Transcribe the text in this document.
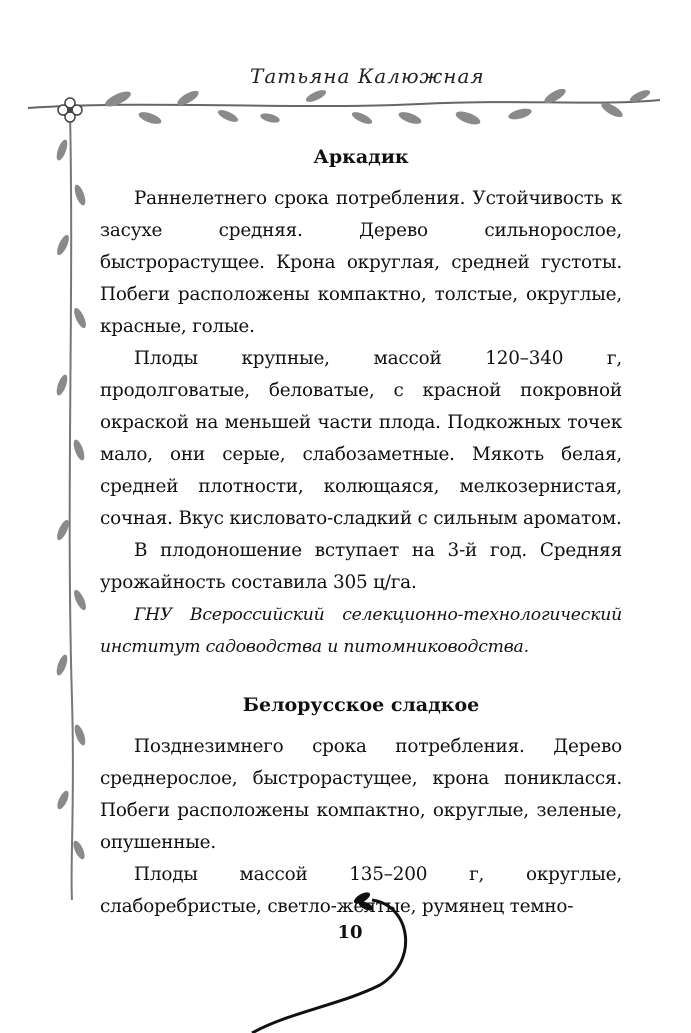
Татьяна Калюжная
Аркадик

Раннелетнего срока потребления. Устойчивость к засухе средняя. Дерево сильнорослое, быстрорастущее. Крона округлая, средней густоты. Побеги расположены компактно, толстые, округлые, красные, голые.

Плоды крупные, массой 120–340 г, продолговатые, беловатые, с красной покровной окраской на меньшей части плода. Подкожных точек мало, они серые, слабозаметные. Мякоть белая, средней плотности, колющаяся, мелкозернистая, сочная. Вкус кисловато-сладкий с сильным ароматом.

В плодоношение вступает на 3-й год. Средняя урожайность составила 305 ц/га.

ГНУ Всероссийский селекционно-технологический институт садоводства и питомниководства.

Белорусское сладкое

Позднезимнего срока потребления. Дерево среднерослое, быстрорастущее, крона поникласcя. Побеги расположены компактно, округлые, зеленые, опушенные.

Плоды массой 135–200 г, округлые, слаборебристые, светло-желтые, румянец темно-

10
